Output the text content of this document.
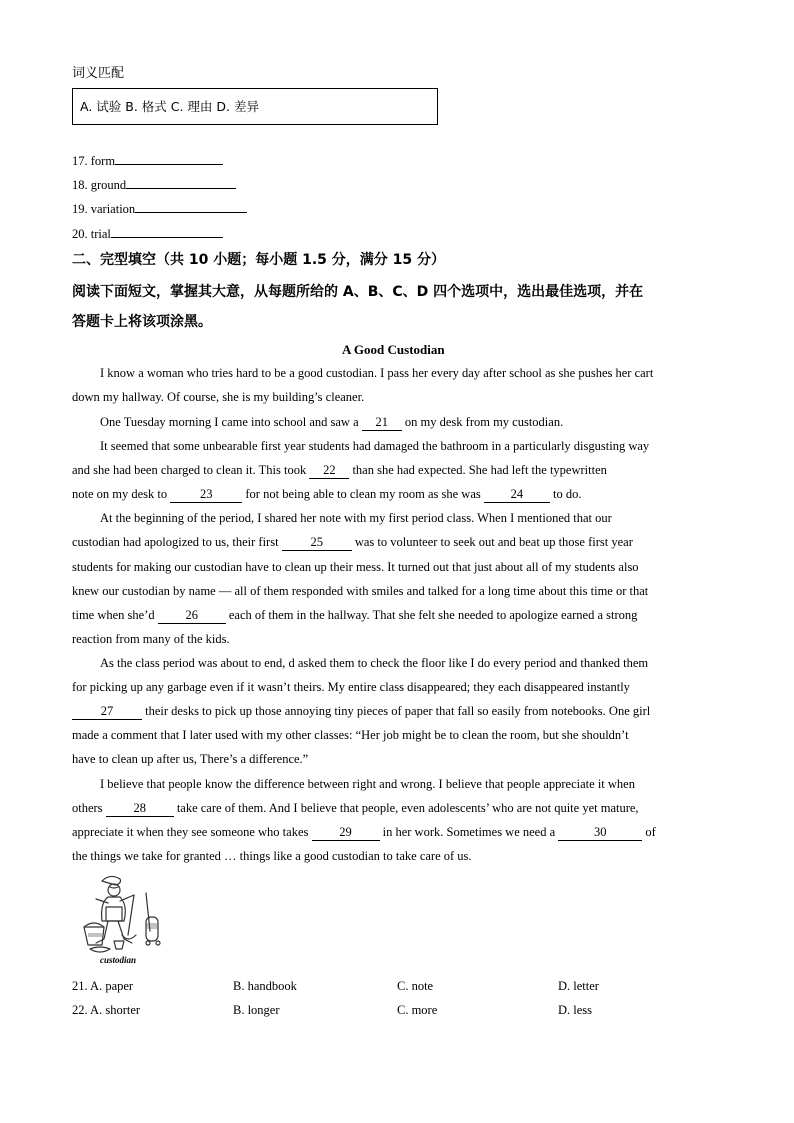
词义匹配
A. 试验 B. 格式 C. 理由 D. 差异
17. form
18. ground
19. variation
20. trial
二、完型填空（共 10 小题；每小题 1.5 分，满分 15 分）
阅读下面短文，掌握其大意，从每题所给的 A、B、C、D 四个选项中，选出最佳选项，并在
答题卡上将该项涂黑。
A Good Custodian
I know a woman who tries hard to be a good custodian. I pass her every day after school as she pushes her cart
down my hallway. Of course, she is my building’s cleaner.
One Tuesday morning I came into school and saw a 21 on my desk from my custodian.
It seemed that some unbearable first year students had damaged the bathroom in a particularly disgusting way
and she had been charged to clean it. This took 22 than she had expected. She had left the typewritten
note on my desk to 23 for not being able to clean my room as she was 24 to do.
At the beginning of the period, I shared her note with my first period class. When I mentioned that our
custodian had apologized to us, their first 25 was to volunteer to seek out and beat up those first year
students for making our custodian have to clean up their mess. It turned out that just about all of my students also
knew our custodian by name — all of them responded with smiles and talked for a long time about this time or that
time when she’d 26 each of them in the hallway. That she felt she needed to apologize earned a strong
reaction from many of the kids.
As the class period was about to end, d asked them to check the floor like I do every period and thanked them
for picking up any garbage even if it wasn’t theirs. My entire class disappeared; they each disappeared instantly
27 their desks to pick up those annoying tiny pieces of paper that fall so easily from notebooks. One girl
made a comment that I later used with my other classes: “Her job might be to clean the room, but she shouldn’t
have to clean up after us, There’s a difference.”
I believe that people know the difference between right and wrong. I believe that people appreciate it when
others 28 take care of them. And I believe that people, even adolescents’ who are not quite yet mature,
appreciate it when they see someone who takes 29 in her work. Sometimes we need a	30	of
the things we take for granted … things like a good custodian to take care of us.
custodian
21. A. paper	B. handbook	C. note	D. letter
22. A. shorter	B. longer	C. more	D. less
